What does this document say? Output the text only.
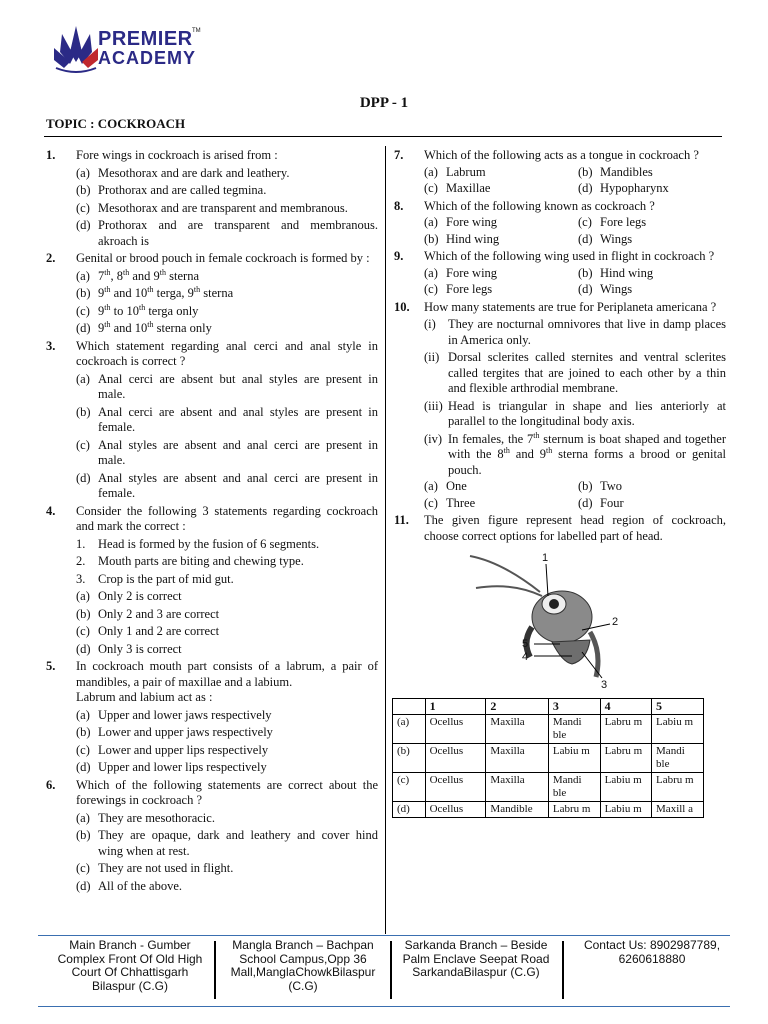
PREMIER TM
ACADEMY
DPP - 1
TOPIC : COCKROACH
1. Fore wings in cockroach is arised from :
(a) Mesothorax and are dark and leathery.
(b) Prothorax and are called tegmina.
(c) Mesothorax and are transparent and membranous.
(d) Prothorax and are transparent and membranous. akroach is
2. Genital or brood pouch in female cockroach is formed by :
(a) 7th, 8th and 9th sterna
(b) 9th and 10th terga, 9th sterna
(c) 9th to 10th terga only
(d) 9th and 10th sterna only
3. Which statement regarding anal cerci and anal style in cockroach is correct ?
(a) Anal cerci are absent but anal styles are present in male.
(b) Anal cerci are absent and anal styles are present in female.
(c) Anal styles are absent and anal cerci are present in male.
(d) Anal styles are absent and anal cerci are present in female.
4. Consider the following 3 statements regarding cockroach and mark the correct :
1. Head is formed by the fusion of 6 segments.
2. Mouth parts are biting and chewing type.
3. Crop is the part of mid gut.
(a) Only 2 is correct
(b) Only 2 and 3 are correct
(c) Only 1 and 2 are correct
(d) Only 3 is correct
5. In cockroach mouth part consists of a labrum, a pair of mandibles, a pair of maxillae and a labium.
Labrum and labium act as :
(a) Upper and lower jaws respectively
(b) Lower and upper jaws respectively
(c) Lower and upper lips respectively
(d) Upper and lower lips respectively
6. Which of the following statements are correct about the forewings in cockroach ?
(a) They are mesothoracic.
(b) They are opaque, dark and leathery and cover hind wing when at rest.
(c) They are not used in flight.
(d) All of the above.
7. Which of the following acts as a tongue in cockroach ?
(a) Labrum	(b) Mandibles
(c) Maxillae	(d) Hypopharynx
8. Which of the following known as cockroach ?
(a) Fore wing	(c) Fore legs
(b) Hind wing	(d) Wings
9. Which of the following wing used in flight in cockroach ?
(a) Fore wing	(b) Hind wing
(c) Fore legs	(d) Wings
10. How many statements are true for Periplaneta americana ?
(i) They are nocturnal omnivores that live in damp places in America only.
(ii) Dorsal sclerites called sternites and ventral sclerites called tergites that are joined to each other by a thin and flexible arthrodial membrane.
(iii) Head is triangular in shape and lies anteriorly at parallel to the longitudinal body axis.
(iv) In females, the 7th sternum is boat shaped and together with the 8th and 9th sterna forms a brood or genital pouch.
(a) One	(b) Two
(c) Three	(d) Four
11. The given figure represent head region of cockroach, choose correct options for labelled part of head.
1
2
3
4
5
	1	2	3	4	5
(a)	Ocellus	Maxilla	Mandi ble	Labru m	Labiu m
(b)	Ocellus	Maxilla	Labiu m	Labru m	Mandi ble
(c)	Ocellus	Maxilla	Mandi ble	Labiu m	Labru m
(d)	Ocellus	Mandible	Labru m	Labiu m	Maxill a
Main Branch - Gumber Complex Front Of Old High Court Of Chhattisgarh Bilaspur (C.G)
Mangla Branch – Bachpan School Campus,Opp 36 Mall,ManglaChowkBilaspur (C.G)
Sarkanda Branch – Beside Palm Enclave Seepat Road SarkandaBilaspur (C.G)
Contact Us: 8902987789, 6260618880
